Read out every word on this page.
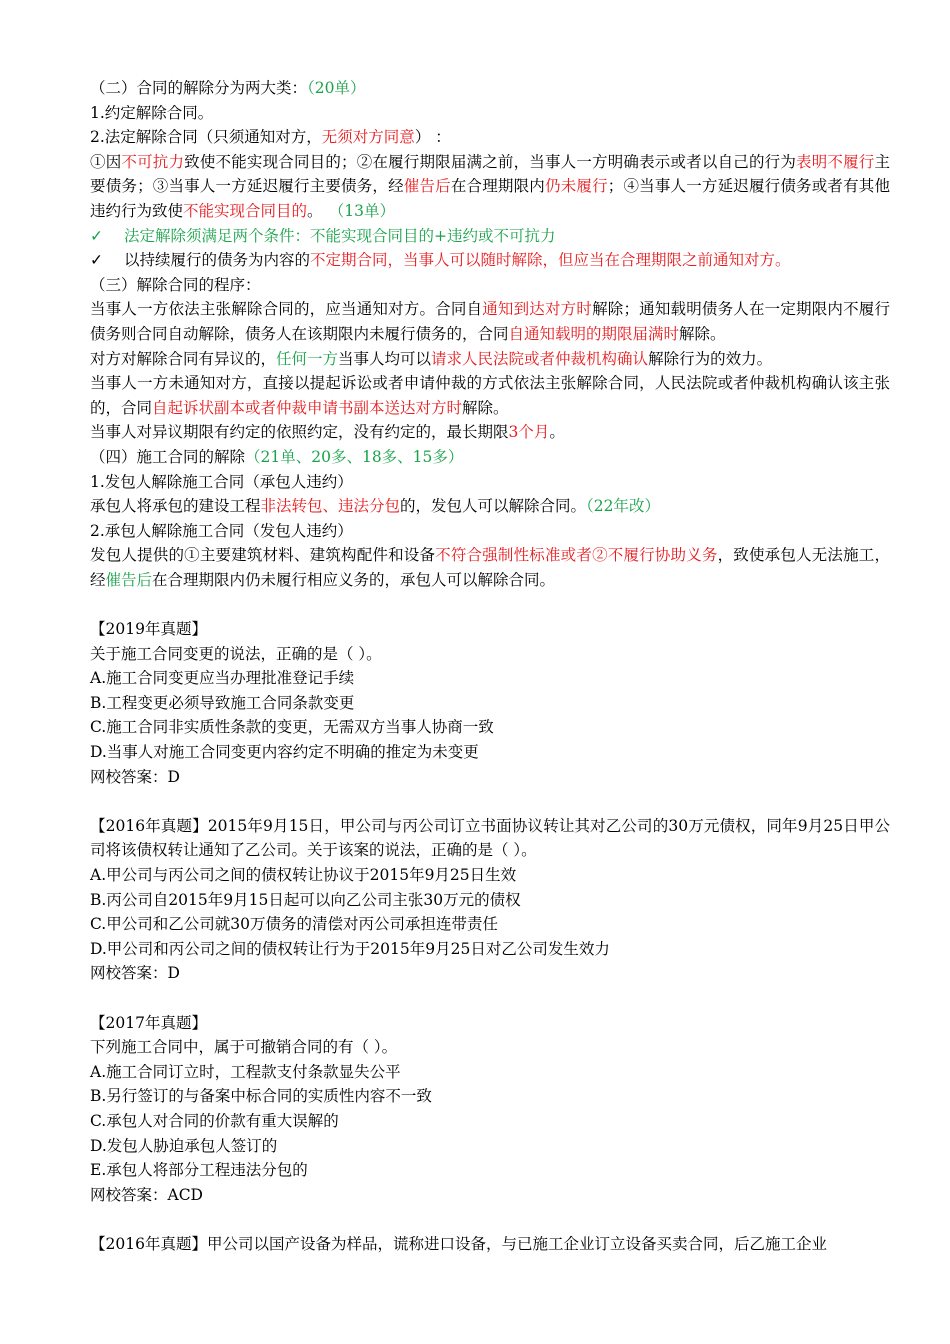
（二）合同的解除分为两大类：（20单）
1.约定解除合同。
2.法定解除合同（只须通知对方，无须对方同意） ：
①因不可抗力致使不能实现合同目的；②在履行期限届满之前，当事人一方明确表示或者以自己的行为表明不履行主要债务；③当事人一方延迟履行主要债务，经催告后在合理期限内仍未履行；④当事人一方延迟履行债务或者有其他违约行为致使不能实现合同目的。 （13单）
✓ 法定解除须满足两个条件：不能实现合同目的+违约或不可抗力
✓ 以持续履行的债务为内容的不定期合同，当事人可以随时解除，但应当在合理期限之前通知对方。
（三）解除合同的程序：
当事人一方依法主张解除合同的，应当通知对方。合同自通知到达对方时解除；通知载明债务人在一定期限内不履行债务则合同自动解除，债务人在该期限内未履行债务的，合同自通知载明的期限届满时解除。
对方对解除合同有异议的，任何一方当事人均可以请求人民法院或者仲裁机构确认解除行为的效力。
当事人一方未通知对方，直接以提起诉讼或者申请仲裁的方式依法主张解除合同，人民法院或者仲裁机构确认该主张的，合同自起诉状副本或者仲裁申请书副本送达对方时解除。
当事人对异议期限有约定的依照约定，没有约定的，最长期限3个月。
（四）施工合同的解除（21单、20多、18多、15多）
1.发包人解除施工合同（承包人违约）
承包人将承包的建设工程非法转包、违法分包的，发包人可以解除合同。（22年改）
2.承包人解除施工合同（发包人违约）
发包人提供的①主要建筑材料、建筑构配件和设备不符合强制性标准或者②不履行协助义务，致使承包人无法施工，经催告后在合理期限内仍未履行相应义务的，承包人可以解除合同。
【2019年真题】
关于施工合同变更的说法，正确的是（ ）。
A.施工合同变更应当办理批准登记手续
B.工程变更必须导致施工合同条款变更
C.施工合同非实质性条款的变更，无需双方当事人协商一致
D.当事人对施工合同变更内容约定不明确的推定为未变更
网校答案：D
【2016年真题】2015年9月15日，甲公司与丙公司订立书面协议转让其对乙公司的30万元债权，同年9月25日甲公司将该债权转让通知了乙公司。关于该案的说法，正确的是（ ）。
A.甲公司与丙公司之间的债权转让协议于2015年9月25日生效
B.丙公司自2015年9月15日起可以向乙公司主张30万元的债权
C.甲公司和乙公司就30万债务的清偿对丙公司承担连带责任
D.甲公司和丙公司之间的债权转让行为于2015年9月25日对乙公司发生效力
网校答案：D
【2017年真题】
下列施工合同中，属于可撤销合同的有（ ）。
A.施工合同订立时，工程款支付条款显失公平
B.另行签订的与备案中标合同的实质性内容不一致
C.承包人对合同的价款有重大误解的
D.发包人胁迫承包人签订的
E.承包人将部分工程违法分包的
网校答案：ACD
【2016年真题】甲公司以国产设备为样品，谎称进口设备，与已施工企业订立设备买卖合同，后乙施工企业
